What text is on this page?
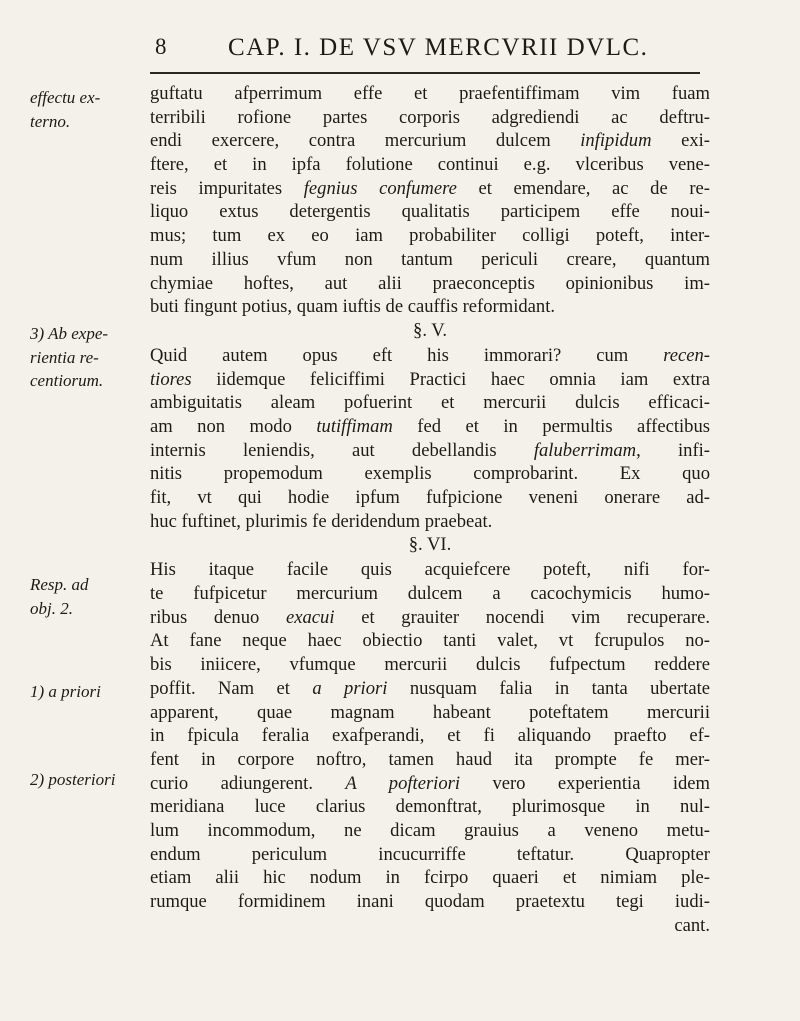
8 CAP. I. DE VSV MERCVRII DVLC.
effectu ex-
terno.
3) Ab expe-
rientia re-
centiorum.
Resp. ad
obj. 2.
1) a priori
2) posteriori
guftatu afperrimum effe et praefentiffimam vim fuam
terribili rofione partes corporis adgrediendi ac deftru-
endi exercere, contra mercurium dulcem infipidum exi-
ftere, et in ipfa folutione continui e.g. vlceribus vene-
reis impuritates fegnius confumere et emendare, ac de re-
liquo extus detergentis qualitatis participem effe noui-
mus; tum ex eo iam probabiliter colligi poteft, inter-
num illius vfum non tantum periculi creare, quantum
chymiae hoftes, aut alii praeconceptis opinionibus im-
buti fingunt potius, quam iuftis de cauffis reformidant.
§. V.
Quid autem opus eft his immorari? cum recen-
tiores iidemque feliciffimi Practici haec omnia iam extra
ambiguitatis aleam pofuerint et mercurii dulcis efficaci-
am non modo tutiffimam fed et in permultis affectibus
internis leniendis, aut debellandis faluberrimam, infi-
nitis propemodum exemplis comprobarint. Ex quo
fit, vt qui hodie ipfum fufpicione veneni onerare ad-
huc fuftinet, plurimis fe deridendum praebeat.
§. VI.
His itaque facile quis acquiefcere poteft, nifi for-
te fufpicetur mercurium dulcem a cacochymicis humo-
ribus denuo exacui et grauiter nocendi vim recuperare.
At fane neque haec obiectio tanti valet, vt fcrupulos no-
bis iniicere, vfumque mercurii dulcis fufpectum reddere
poffit. Nam et a priori nusquam falia in tanta ubertate
apparent, quae magnam habeant poteftatem mercurii
in fpicula feralia exafperandi, et fi aliquando praefto ef-
fent in corpore noftro, tamen haud ita prompte fe mer-
curio adiungerent. A pofteriori vero experientia idem
meridiana luce clarius demonftrat, plurimosque in nul-
lum incommodum, ne dicam grauius a veneno metu-
endum periculum incucurriffe teftatur. Quapropter
etiam alii hic nodum in fcirpo quaeri et nimiam ple-
rumque formidinem inani quodam praetextu tegi iudi-
cant.
